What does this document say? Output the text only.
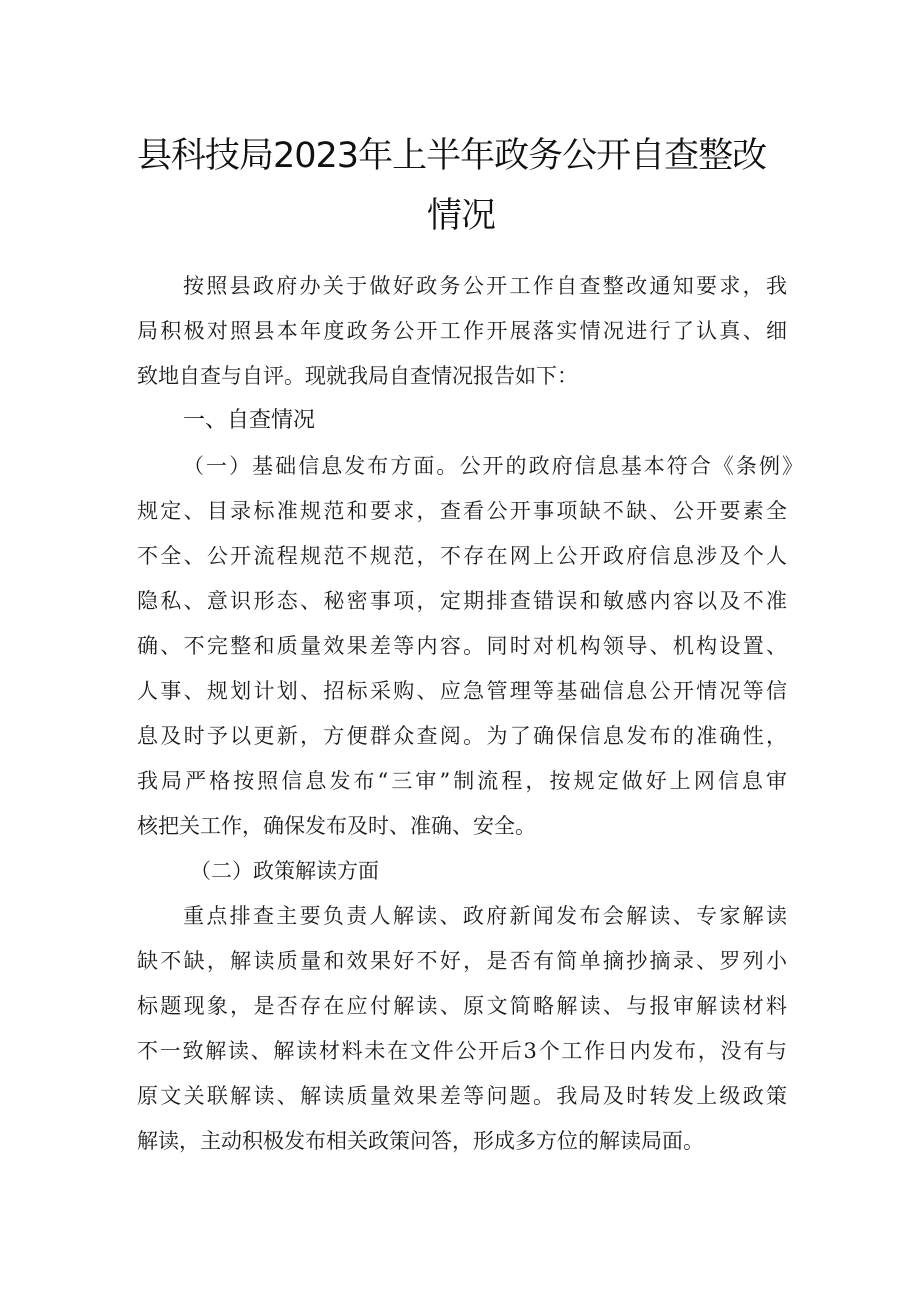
县科技局2023年上半年政务公开自查整改
情况
按照县政府办关于做好政务公开工作自查整改通知要求，我
局积极对照县本年度政务公开工作开展落实情况进行了认真、细
致地自查与自评。现就我局自查情况报告如下：
一、自查情况
（一）基础信息发布方面。公开的政府信息基本符合《条例》
规定、目录标准规范和要求，查看公开事项缺不缺、公开要素全
不全、公开流程规范不规范，不存在网上公开政府信息涉及个人
隐私、意识形态、秘密事项，定期排查错误和敏感内容以及不准
确、不完整和质量效果差等内容。同时对机构领导、机构设置、
人事、规划计划、招标采购、应急管理等基础信息公开情况等信
息及时予以更新，方便群众查阅。为了确保信息发布的准确性，
我局严格按照信息发布“三审”制流程，按规定做好上网信息审
核把关工作，确保发布及时、准确、安全。
（二）政策解读方面
重点排查主要负责人解读、政府新闻发布会解读、专家解读
缺不缺，解读质量和效果好不好，是否有简单摘抄摘录、罗列小
标题现象，是否存在应付解读、原文简略解读、与报审解读材料
不一致解读、解读材料未在文件公开后3个工作日内发布，没有与
原文关联解读、解读质量效果差等问题。我局及时转发上级政策
解读，主动积极发布相关政策问答，形成多方位的解读局面。
